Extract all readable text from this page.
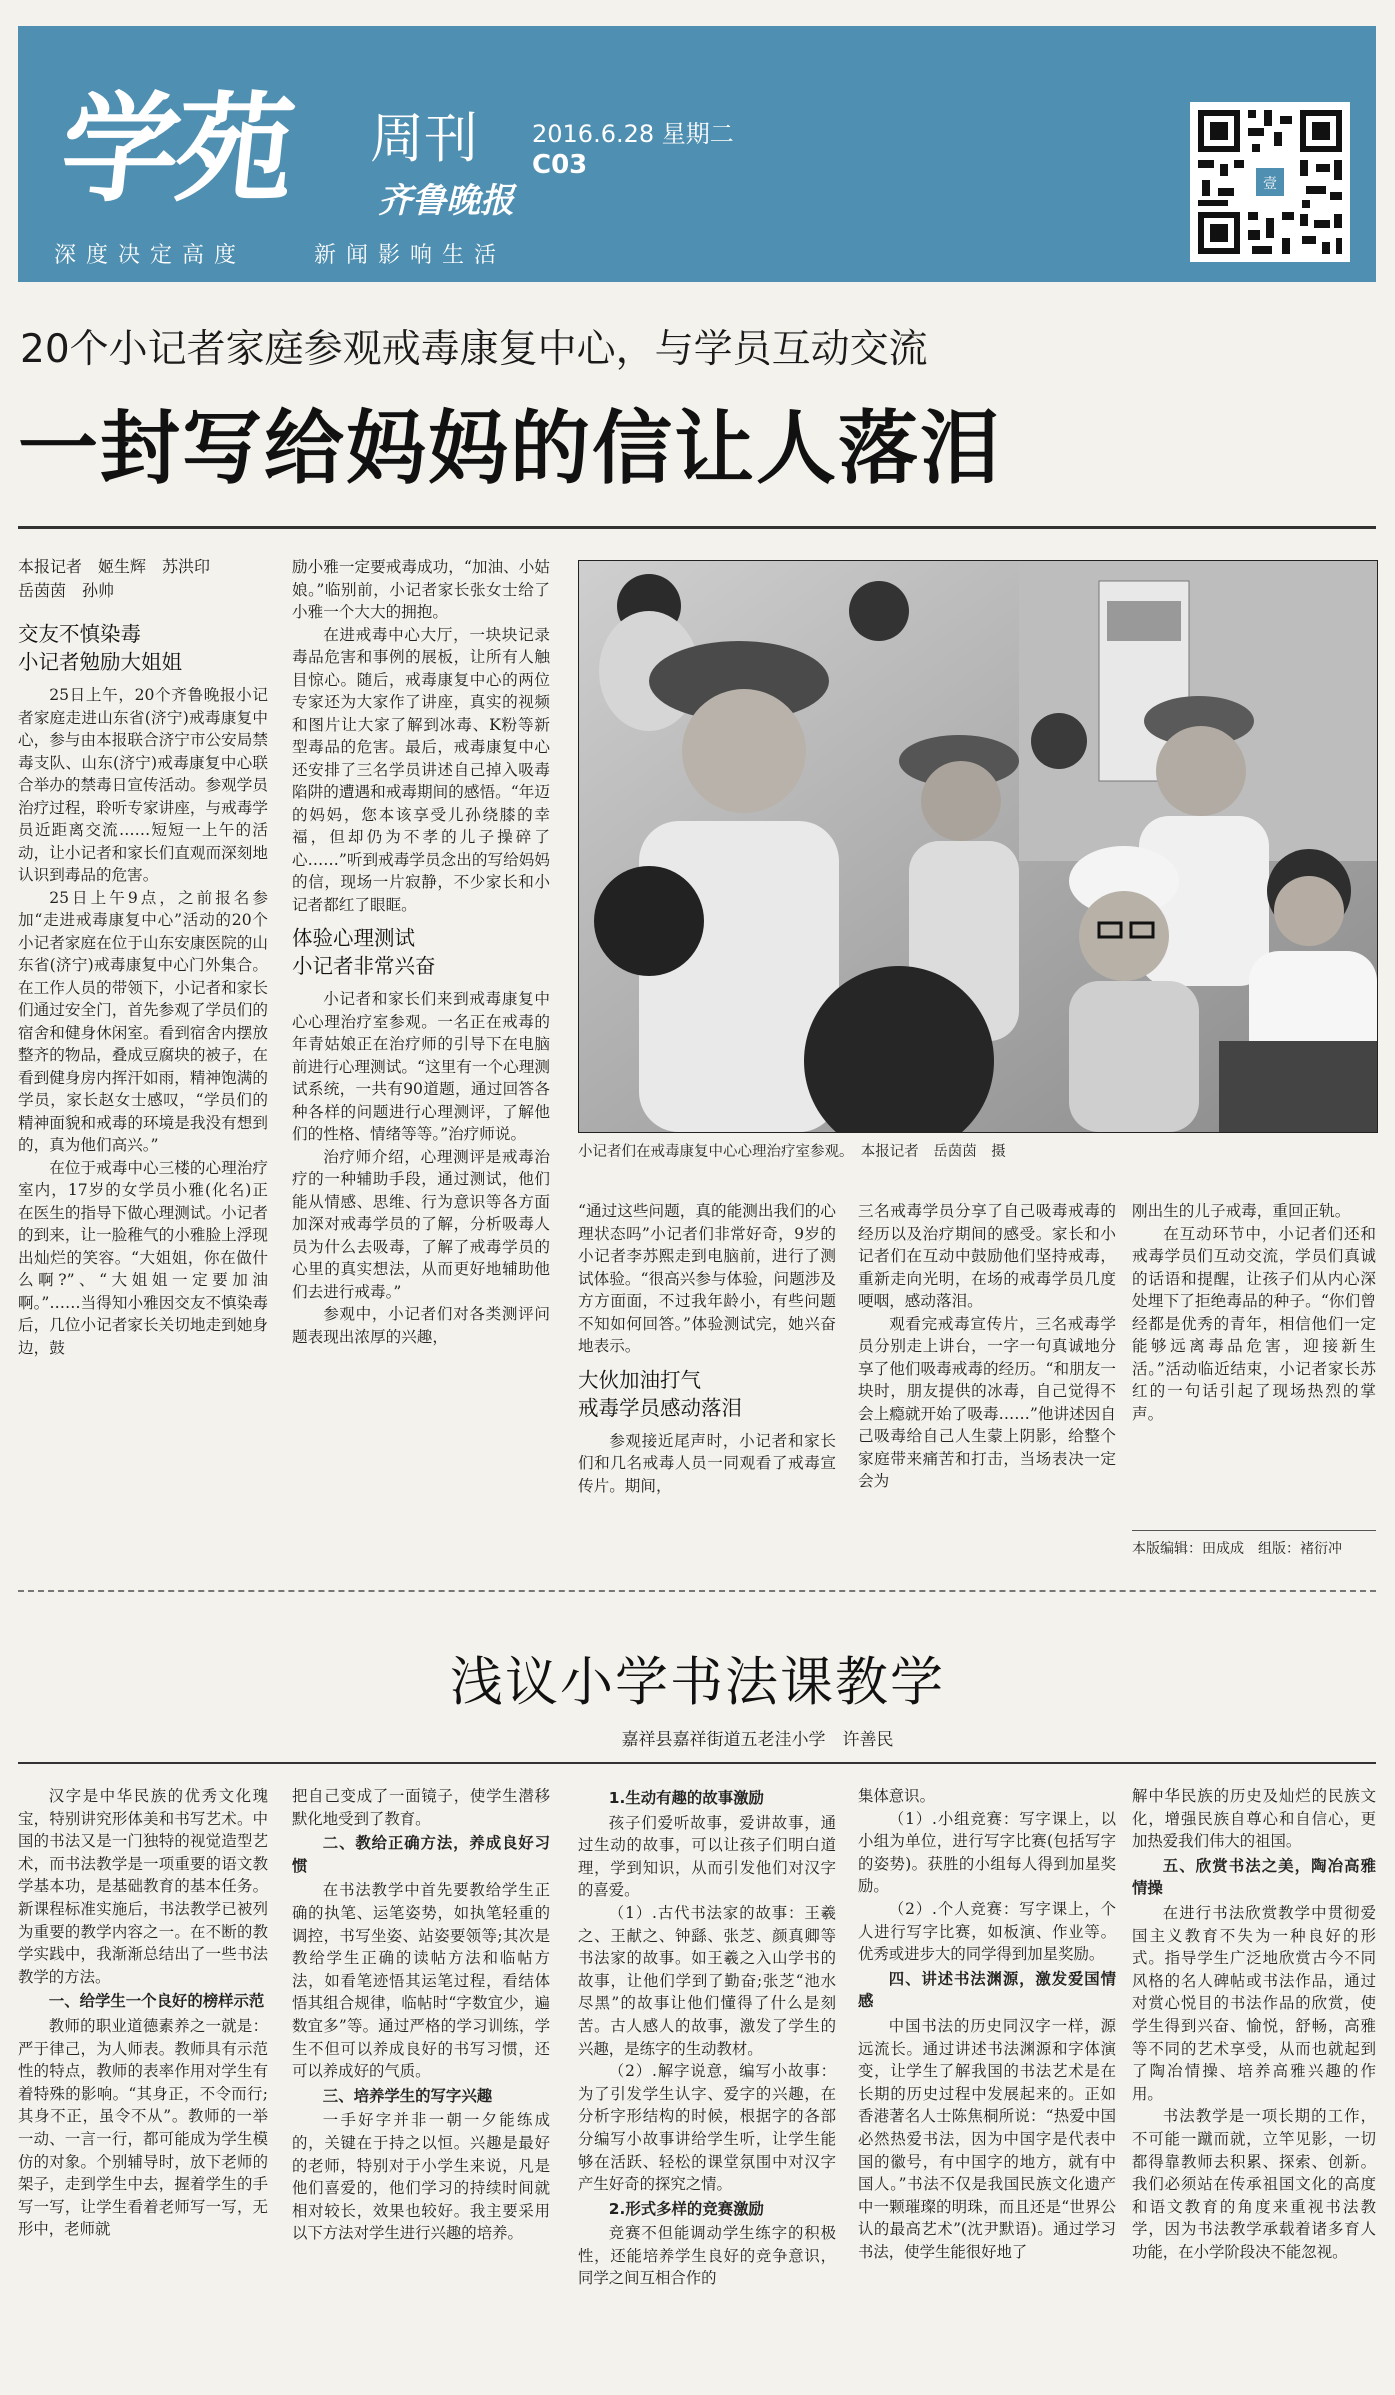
学苑 周刊
齐鲁晚报
2016.6.28 星期二
C03
深度决定高度    新闻影响生活
壹
20个小记者家庭参观戒毒康复中心，与学员互动交流
一封写给妈妈的信让人落泪
本报记者　姬生辉　苏洪印
岳茵茵　孙帅
交友不慎染毒
小记者勉励大姐姐

25日上午，20个齐鲁晚报小记者家庭走进山东省(济宁)戒毒康复中心，参与由本报联合济宁市公安局禁毒支队、山东(济宁)戒毒康复中心联合举办的禁毒日宣传活动。参观学员治疗过程，聆听专家讲座，与戒毒学员近距离交流……短短一上午的活动，让小记者和家长们直观而深刻地认识到毒品的危害。

25日上午9点，之前报名参加“走进戒毒康复中心”活动的20个小记者家庭在位于山东安康医院的山东省(济宁)戒毒康复中心门外集合。在工作人员的带领下，小记者和家长们通过安全门，首先参观了学员们的宿舍和健身休闲室。看到宿舍内摆放整齐的物品，叠成豆腐块的被子，在看到健身房内挥汗如雨，精神饱满的学员，家长赵女士感叹，“学员们的精神面貌和戒毒的环境是我没有想到的，真为他们高兴。”

在位于戒毒中心三楼的心理治疗室内，17岁的女学员小雅(化名)正在医生的指导下做心理测试。小记者的到来，让一脸稚气的小雅脸上浮现出灿烂的笑容。“大姐姐，你在做什么啊?”、“大姐姐一定要加油啊。”……当得知小雅因交友不慎染毒后，几位小记者家长关切地走到她身边，鼓

励小雅一定要戒毒成功，“加油、小姑娘。”临别前，小记者家长张女士给了小雅一个大大的拥抱。

在进戒毒中心大厅，一块块记录毒品危害和事例的展板，让所有人触目惊心。随后，戒毒康复中心的两位专家还为大家作了讲座，真实的视频和图片让大家了解到冰毒、K粉等新型毒品的危害。最后，戒毒康复中心还安排了三名学员讲述自己掉入吸毒陷阱的遭遇和戒毒期间的感悟。“年迈的妈妈，您本该享受儿孙绕膝的幸福，但却仍为不孝的儿子操碎了心……”听到戒毒学员念出的写给妈妈的信，现场一片寂静，不少家长和小记者都红了眼眶。

体验心理测试
小记者非常兴奋

小记者和家长们来到戒毒康复中心心理治疗室参观。一名正在戒毒的年青姑娘正在治疗师的引导下在电脑前进行心理测试。“这里有一个心理测试系统，一共有90道题，通过回答各种各样的问题进行心理测评，了解他们的性格、情绪等等。”治疗师说。

治疗师介绍，心理测评是戒毒治疗的一种辅助手段，通过测试，他们能从情感、思维、行为意识等各方面加深对戒毒学员的了解，分析吸毒人员为什么去吸毒，了解了戒毒学员的心里的真实想法，从而更好地辅助他们去进行戒毒。”

参观中，小记者们对各类测评问题表现出浓厚的兴趣，

小记者们在戒毒康复中心心理治疗室参观。　本报记者　岳茵茵　摄

“通过这些问题，真的能测出我们的心理状态吗”小记者们非常好奇，9岁的小记者李苏熙走到电脑前，进行了测试体验。“很高兴参与体验，问题涉及方方面面，不过我年龄小，有些问题不知如何回答。”体验测试完，她兴奋地表示。

大伙加油打气
戒毒学员感动落泪

参观接近尾声时，小记者和家长们和几名戒毒人员一同观看了戒毒宣传片。期间，

三名戒毒学员分享了自己吸毒戒毒的经历以及治疗期间的感受。家长和小记者们在互动中鼓励他们坚持戒毒，重新走向光明，在场的戒毒学员几度哽咽，感动落泪。

观看完戒毒宣传片，三名戒毒学员分别走上讲台，一字一句真诚地分享了他们吸毒戒毒的经历。“和朋友一块时，朋友提供的冰毒，自己觉得不会上瘾就开始了吸毒……”他讲述因自己吸毒给自己人生蒙上阴影，给整个家庭带来痛苦和打击，当场表决一定会为

刚出生的儿子戒毒，重回正轨。

在互动环节中，小记者们还和戒毒学员们互动交流，学员们真诚的话语和提醒，让孩子们从内心深处埋下了拒绝毒品的种子。“你们曾经都是优秀的青年，相信他们一定能够远离毒品危害，迎接新生活。”活动临近结束，小记者家长苏红的一句话引起了现场热烈的掌声。

本版编辑：田成成　组版：褚衍冲
浅议小学书法课教学
嘉祥县嘉祥街道五老洼小学　许善民

汉字是中华民族的优秀文化瑰宝，特别讲究形体美和书写艺术。中国的书法又是一门独特的视觉造型艺术，而书法教学是一项重要的语文教学基本功，是基础教育的基本任务。新课程标准实施后，书法教学已被列为重要的教学内容之一。在不断的教学实践中，我渐渐总结出了一些书法教学的方法。

一、给学生一个良好的榜样示范

教师的职业道德素养之一就是：严于律己，为人师表。教师具有示范性的特点，教师的表率作用对学生有着特殊的影响。“其身正，不令而行;其身不正，虽令不从”。教师的一举一动、一言一行，都可能成为学生模仿的对象。个别辅导时，放下老师的架子，走到学生中去，握着学生的手写一写，让学生看着老师写一写，无形中，老师就

把自己变成了一面镜子，使学生潜移默化地受到了教育。

二、教给正确方法，养成良好习惯

在书法教学中首先要教给学生正确的执笔、运笔姿势，如执笔轻重的调控，书写坐姿、站姿要领等;其次是教给学生正确的读帖方法和临帖方法，如看笔迹悟其运笔过程，看结体悟其组合规律，临帖时“字数宜少，遍数宜多”等。通过严格的学习训练，学生不但可以养成良好的书写习惯，还可以养成好的气质。

三、培养学生的写字兴趣

一手好字并非一朝一夕能练成的，关键在于持之以恒。兴趣是最好的老师，特别对于小学生来说，凡是他们喜爱的，他们学习的持续时间就相对较长，效果也较好。我主要采用以下方法对学生进行兴趣的培养。

1.生动有趣的故事激励

孩子们爱听故事，爱讲故事，通过生动的故事，可以让孩子们明白道理，学到知识，从而引发他们对汉字的喜爱。

（1）.古代书法家的故事：王羲之、王献之、钟繇、张芝、颜真卿等书法家的故事。如王羲之入山学书的故事，让他们学到了勤奋;张芝“池水尽黑”的故事让他们懂得了什么是刻苦。古人感人的故事，激发了学生的兴趣，是练字的生动教材。

（2）.解字说意，编写小故事：为了引发学生认字、爱字的兴趣，在分析字形结构的时候，根据字的各部分编写小故事讲给学生听，让学生能够在活跃、轻松的课堂氛围中对汉字产生好奇的探究之情。

2.形式多样的竞赛激励

竞赛不但能调动学生练字的积极性，还能培养学生良好的竞争意识，同学之间互相合作的

集体意识。

（1）.小组竞赛：写字课上，以小组为单位，进行写字比赛(包括写字的姿势)。获胜的小组每人得到加星奖励。

（2）.个人竞赛：写字课上，个人进行写字比赛，如板演、作业等。优秀或进步大的同学得到加星奖励。

四、讲述书法渊源，激发爱国情感

中国书法的历史同汉字一样，源远流长。通过讲述书法渊源和字体演变，让学生了解我国的书法艺术是在长期的历史过程中发展起来的。正如香港著名人士陈焦桐所说：“热爱中国必然热爱书法，因为中国字是代表中国的徽号，有中国字的地方，就有中国人。”书法不仅是我国民族文化遗产中一颗璀璨的明珠，而且还是“世界公认的最高艺术”(沈尹默语)。通过学习书法，使学生能很好地了

解中华民族的历史及灿烂的民族文化，增强民族自尊心和自信心，更加热爱我们伟大的祖国。

五、欣赏书法之美，陶冶高雅情操

在进行书法欣赏教学中贯彻爱国主义教育不失为一种良好的形式。指导学生广泛地欣赏古今不同风格的名人碑帖或书法作品，通过对赏心悦目的书法作品的欣赏，使学生得到兴奋、愉悦，舒畅，高雅等不同的艺术享受，从而也就起到了陶冶情操、培养高雅兴趣的作用。

书法教学是一项长期的工作，不可能一蹴而就，立竿见影，一切都得靠教师去积累、探索、创新。我们必须站在传承祖国文化的高度和语文教育的角度来重视书法教学，因为书法教学承载着诸多育人功能，在小学阶段决不能忽视。
